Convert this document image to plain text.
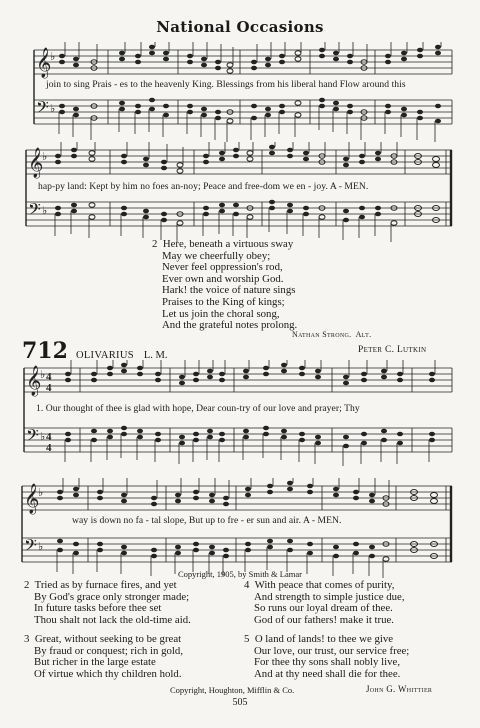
National Occasions
𝄞
𝄢
♭
♭
join to sing Prais - es to the heavenly King. Blessings from his liberal hand Flow around this
𝄞
𝄢
♭
♭
hap-py land: Kept by him no foes an-noy; Peace and free-dom we en - joy. A - MEN.
2 Here, beneath a virtuous sway
May we cheerfully obey;
Never feel oppression's rod,
Ever own and worship God.
Hark! the voice of nature sings
Praises to the King of kings;
Let us join the choral song,
And the grateful notes prolong.
Nathan Strong. Alt.
712 OLIVARIUS L. M.	Peter C. Lutkin
𝄞
𝄢
♭
♭
4
4
4
4
1. Our thought of thee is glad with hope, Dear coun-try of our love and prayer; Thy
𝄞
𝄢
♭
♭
way is down no fa - tal slope, But up to fre - er sun and air. A - MEN.
Copyright, 1905, by Smith & Lamar
2 Tried as by furnace fires, and yet
By God's grace only stronger made;
In future tasks before thee set
Thou shalt not lack the old-time aid.
4 With peace that comes of purity,
And strength to simple justice due,
So runs our loyal dream of thee.
God of our fathers! make it true.
3 Great, without seeking to be great
By fraud or conquest; rich in gold,
But richer in the large estate
Of virtue which thy children hold.
5 O land of lands! to thee we give
Our love, our trust, our service free;
For thee thy sons shall nobly live,
And at thy need shall die for thee.
Copyright, Houghton, Mifflin & Co.	John G. Whittier
505
